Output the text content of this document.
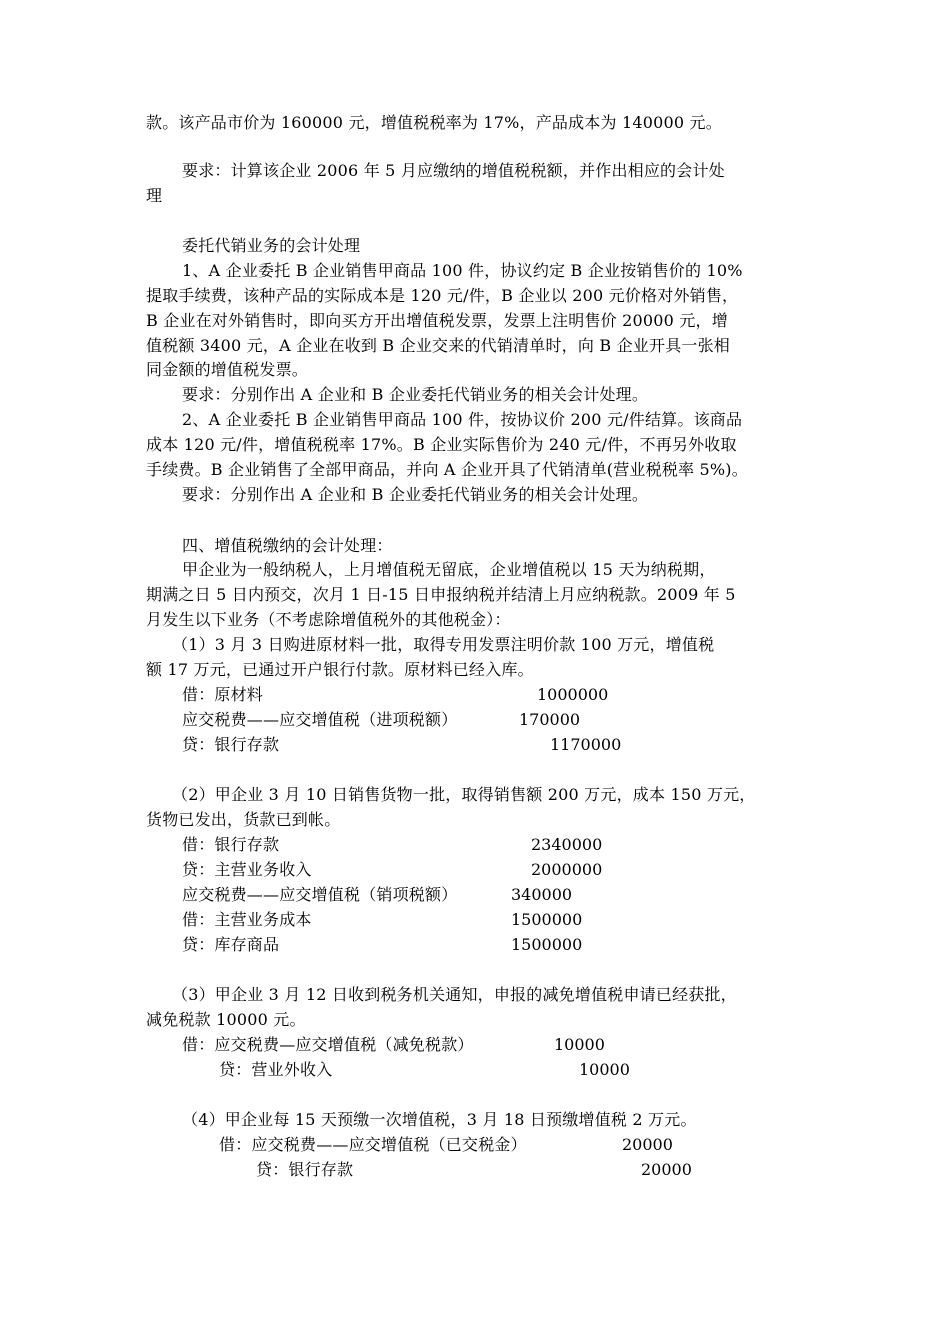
款。该产品市价为 160000 元，增值税税率为 17%，产品成本为 140000 元。
要求：计算该企业 2006 年 5 月应缴纳的增值税税额，并作出相应的会计处
理
委托代销业务的会计处理
1、A 企业委托 B 企业销售甲商品 100 件，协议约定 B 企业按销售价的 10%
提取手续费，该种产品的实际成本是 120 元/件，B 企业以 200 元价格对外销售，
B 企业在对外销售时，即向买方开出增值税发票，发票上注明售价 20000 元，增
值税额 3400 元，A 企业在收到 B 企业交来的代销清单时，向 B 企业开具一张相
同金额的增值税发票。
要求：分别作出 A 企业和 B 企业委托代销业务的相关会计处理。
2、A 企业委托 B 企业销售甲商品 100 件，按协议价 200 元/件结算。该商品
成本 120 元/件，增值税税率 17%。B 企业实际售价为 240 元/件，不再另外收取
手续费。B 企业销售了全部甲商品，并向 A 企业开具了代销清单(营业税税率 5%)。
要求：分别作出 A 企业和 B 企业委托代销业务的相关会计处理。
四、增值税缴纳的会计处理：
甲企业为一般纳税人，上月增值税无留底，企业增值税以 15 天为纳税期，
期满之日 5 日内预交，次月 1 日-15 日申报纳税并结清上月应纳税款。2009 年 5
月发生以下业务（不考虑除增值税外的其他税金）：
（1）3 月 3 日购进原材料一批，取得专用发票注明价款 100 万元，增值税
额 17 万元，已通过开户银行付款。原材料已经入库。
借：原材料	1000000
应交税费——应交增值税（进项税额）	170000
贷：银行存款	1170000
（2）甲企业 3 月 10 日销售货物一批，取得销售额 200 万元，成本 150 万元，
货物已发出，货款已到帐。
借：银行存款	2340000
贷：主营业务收入	2000000
应交税费——应交增值税（销项税额）	340000
借：主营业务成本	1500000
贷：库存商品	1500000
（3）甲企业 3 月 12 日收到税务机关通知，申报的减免增值税申请已经获批，
减免税款 10000 元。
借：应交税费—应交增值税（减免税款）	10000
贷：营业外收入	10000
（4）甲企业每 15 天预缴一次增值税，3 月 18 日预缴增值税 2 万元。
借：应交税费——应交增值税（已交税金）	20000
贷：银行存款	20000
